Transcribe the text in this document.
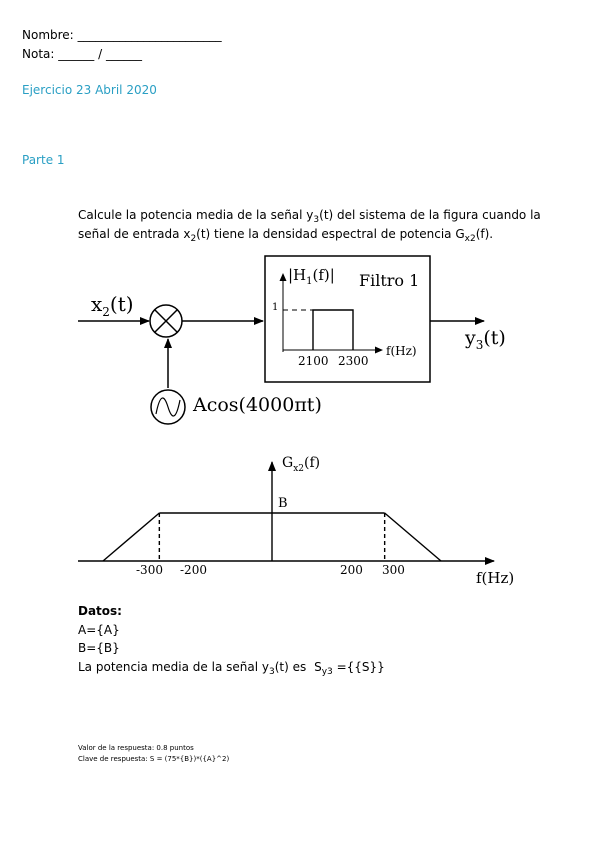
Nombre: ________________________
Nota: ______ / ______
Ejercicio 23 Abril 2020
Parte 1
Calcule la potencia media de la señal $y_3(t)$ del sistema de la figura cuando la
señal de entrada $x_2(t)$ tiene la densidad espectral de potencia $G_{x2}(f)$.
$x_2(t)$
Acos(4000πt)
Filtro 1
$|H_1(f)|$
1
2100 2300
f(Hz)
$y_3(t)$
$G_{x2}(f)$
B
f(Hz)
-300 -200	200 300
Datos:
A={A}
B={B}
La potencia media de la señal $y_3(t)$ es $S_{y3} =\{\{S\}\}$
Valor de la respuesta: 0.8 puntos
Clave de respuesta: S = (75*{B})*({A}^2)
